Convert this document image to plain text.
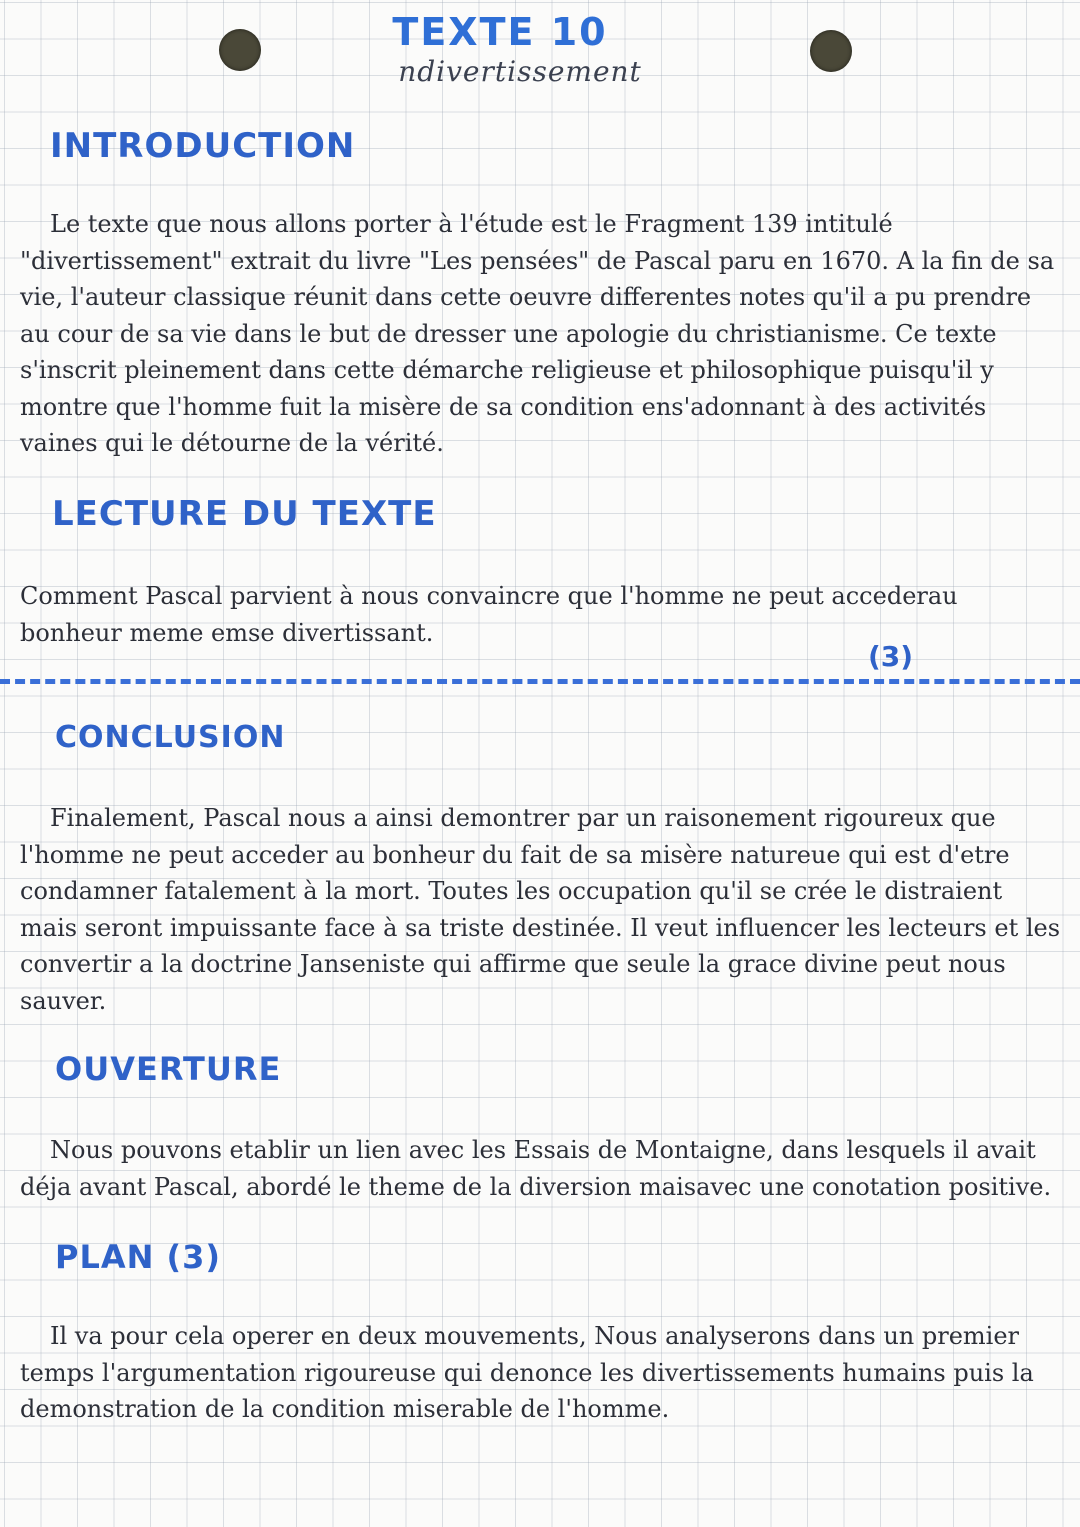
TEXTE 10
ndivertissement
INTRODUCTION

Le texte que nous allons porter à l'étude est le Fragment 139 intitulé "divertissement" extrait du livre "Les pensées" de Pascal paru en 1670. A la fin de sa vie, l'auteur classique réunit dans cette oeuvre differentes notes qu'il a pu prendre au cour de sa vie dans le but de dresser une apologie du christianisme. Ce texte s'inscrit pleinement dans cette démarche religieuse et philosophique puisqu'il y montre que l'homme fuit la misère de sa condition ens'adonnant à des activités vaines qui le détourne de la vérité.

LECTURE DU TEXTE

Comment Pascal parvient à nous convaincre que l'homme ne peut accederau bonheur meme emse divertissant.

(3)
CONCLUSION

Finalement, Pascal nous a ainsi demontrer par un raisonement rigoureux que l'homme ne peut acceder au bonheur du fait de sa misère natureue qui est d'etre condamner fatalement à la mort. Toutes les occupation qu'il se crée le distraient mais seront impuissante face à sa triste destinée. Il veut influencer les lecteurs et les convertir a la doctrine Janseniste qui affirme que seule la grace divine peut nous sauver.

OUVERTURE

Nous pouvons etablir un lien avec les Essais de Montaigne, dans lesquels il avait déja avant Pascal, abordé le theme de la diversion maisavec une conotation positive.

PLAN (3)

Il va pour cela operer en deux mouvements, Nous analyserons dans un premier temps l'argumentation rigoureuse qui denonce les divertissements humains puis la demonstration de la condition miserable de l'homme.
